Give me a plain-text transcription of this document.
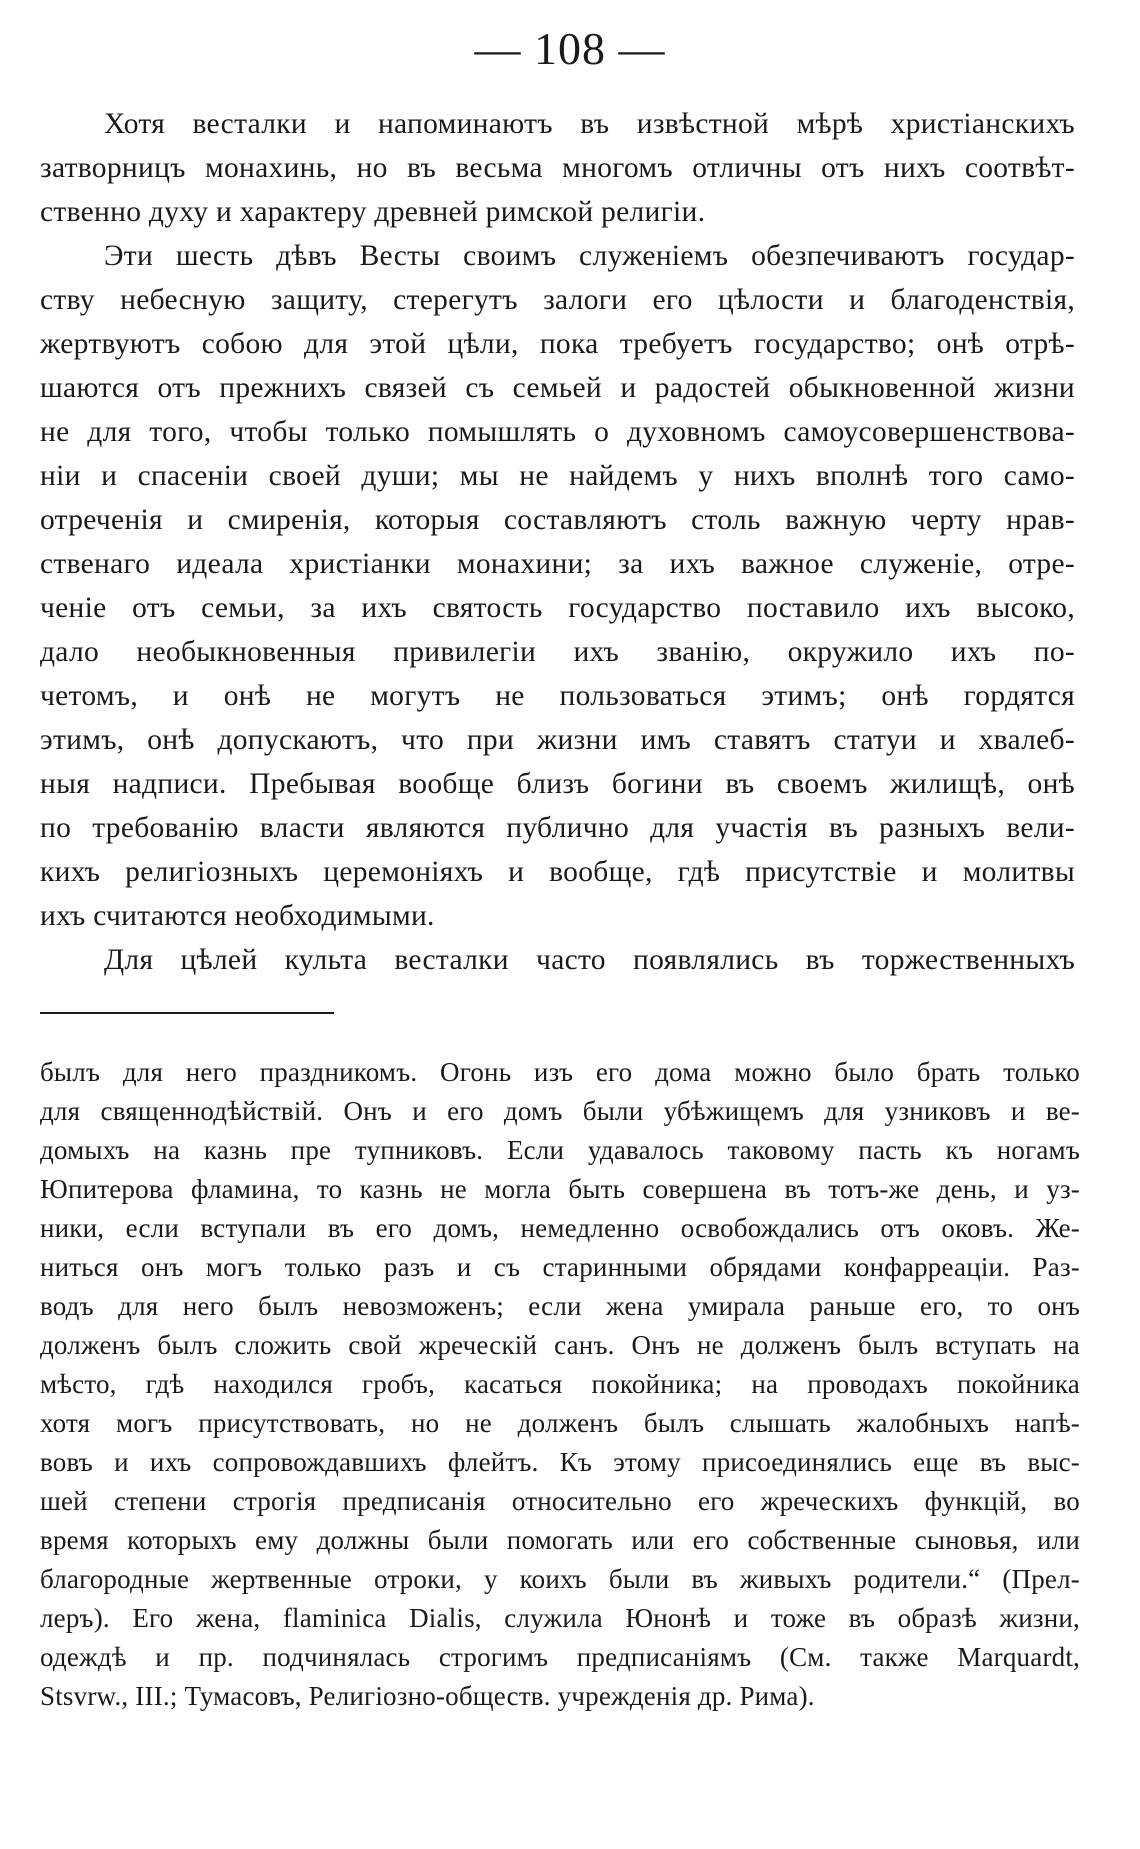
— 108 —

Хотя весталки и напоминаютъ въ извѣстной мѣрѣ христіанскихъ

затворницъ монахинь, но въ весьма многомъ отличны отъ нихъ соотвѣт-

ственно духу и характеру древней римской религіи.

Эти шесть дѣвъ Весты своимъ служеніемъ обезпечиваютъ государ-

ству небесную защиту, стерегутъ залоги его цѣлости и благоденствія,

жертвуютъ собою для этой цѣли, пока требуетъ государство; онѣ отрѣ-

шаются отъ прежнихъ связей съ семьей и радостей обыкновенной жизни

не для того, чтобы только помышлять о духовномъ самоусовершенствова-

ніи и спасеніи своей души; мы не найдемъ у нихъ вполнѣ того само-

отреченія и смиренія, которыя составляютъ столь важную черту нрав-

ственаго идеала христіанки монахини; за ихъ важное служеніе, отре-

ченіе отъ семьи, за ихъ святость государство поставило ихъ высоко,

дало необыкновенныя привилегіи ихъ званію, окружило ихъ по-

четомъ, и онѣ не могутъ не пользоваться этимъ; онѣ гордятся

этимъ, онѣ допускаютъ, что при жизни имъ ставятъ статуи и хвалеб-

ныя надписи. Пребывая вообще близъ богини въ своемъ жилищѣ, онѣ

по требованію власти являются публично для участія въ разныхъ вели-

кихъ религіозныхъ церемоніяхъ и вообще, гдѣ присутствіе и молитвы

ихъ считаются необходимыми.

Для цѣлей культа весталки часто появлялись въ торжественныхъ

былъ для него праздникомъ. Огонь изъ его дома можно было брать только

для священнодѣйствій. Онъ и его домъ были убѣжищемъ для узниковъ и ве-

домыхъ на казнь пре тупниковъ. Если удавалось таковому пасть къ ногамъ

Юпитерова фламина, то казнь не могла быть совершена въ тотъ-же день, и уз-

ники, если вступали въ его домъ, немедленно освобождались отъ оковъ. Же-

ниться онъ могъ только разъ и съ старинными обрядами конфарреаціи. Раз-

водъ для него былъ невозможенъ; если жена умирала раньше его, то онъ

долженъ былъ сложить свой жреческій санъ. Онъ не долженъ былъ вступать на

мѣсто, гдѣ находился гробъ, касаться покойника; на проводахъ покойника

хотя могъ присутствовать, но не долженъ былъ слышать жалобныхъ напѣ-

вовъ и ихъ сопровождавшихъ флейтъ. Къ этому присоединялись еще въ выс-

шей степени строгія предписанія относительно его жреческихъ функцій, во

время которыхъ ему должны были помогать или его собственные сыновья, или

благородные жертвенные отроки, у коихъ были въ живыхъ родители.“ (Прел-

леръ). Его жена, flaminica Dialis, служила Юнонѣ и тоже въ образѣ жизни,

одеждѣ и пр. подчинялась строгимъ предписаніямъ (См. также Marquardt,

Stsvrw., III.; Тумасовъ, Религіозно-обществ. учрежденія др. Рима).
